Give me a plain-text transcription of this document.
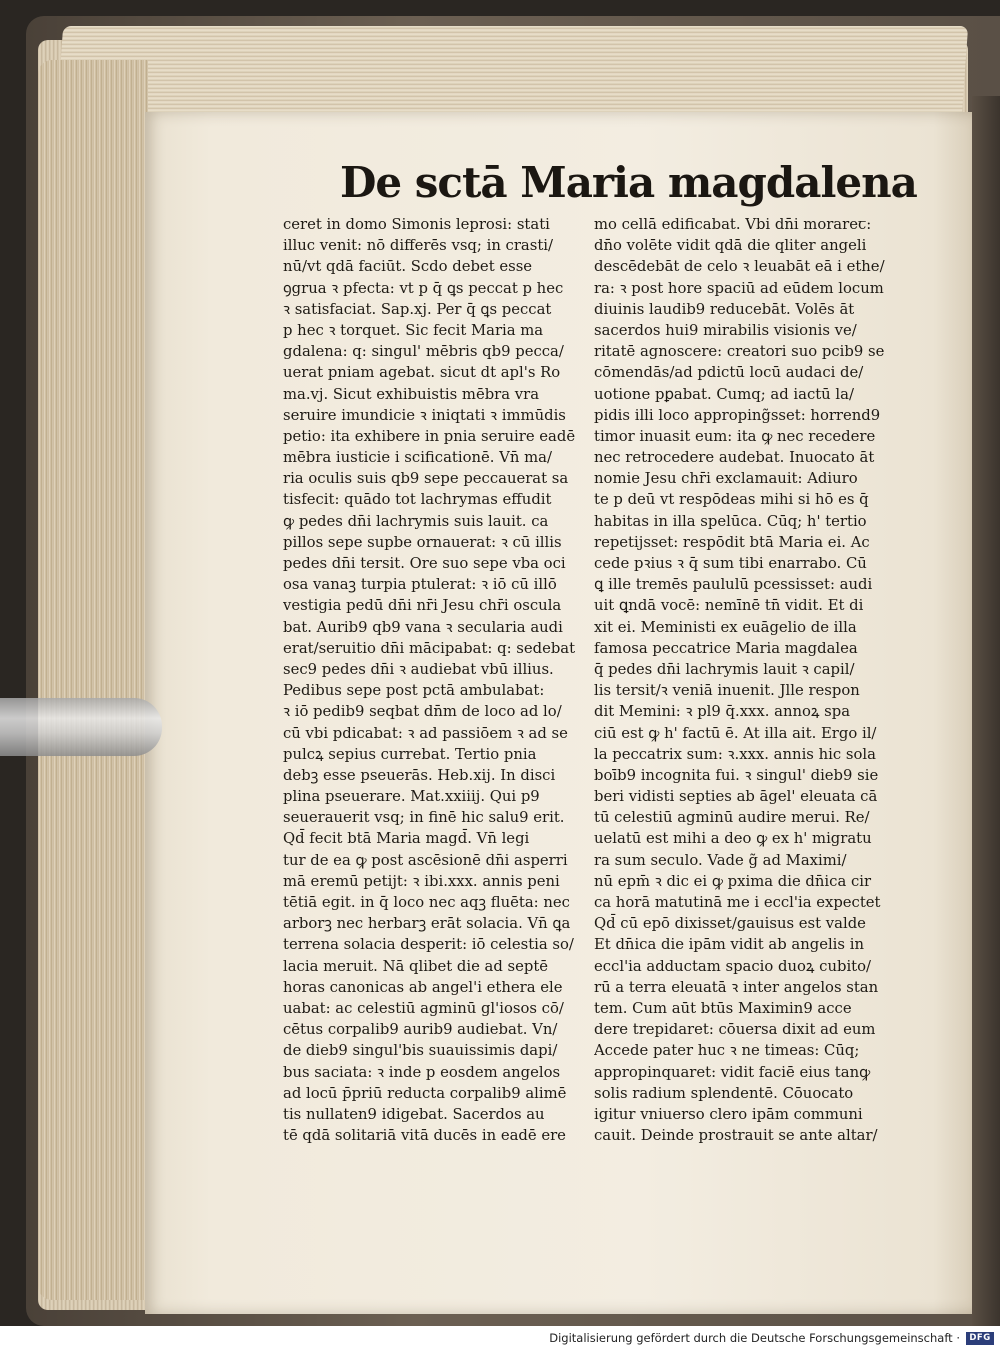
De sctā Maria magdalena
ceret in domo Simonis leprosi: stati
illuc venit: nō differēs vsq; in crasti/
nū/vt qdā faciūt. Scdo debet esse
ꝯgrua ꝛ pfecta: vt p q̄ ꝗs peccat p hec
ꝛ satisfaciat. Sap.xj. Per q̄ ꝗs peccat
p hec ꝛ torquet. Sic fecit Maria ma
gdalena: q: singul' mēbris qb9 pecca/
uerat pniam agebat. sicut dt apl's Ro
ma.vj. Sicut exhibuistis mēbra vra
seruire imundicie ꝛ iniqtati ꝛ immūdis
petio: ita exhibere in pnia seruire eadē
mēbra iusticie i scificationē. Vn̄ ma/
ria oculis suis qb9 sepe peccauerat sa
tisfecit: quādo tot lachrymas effudit
ꝙ pedes dn̄i lachrymis suis lauit. ca
pillos sepe supbe ornauerat: ꝛ cū illis
pedes dn̄i tersit. Ore suo sepe vba oci
osa vanaꝫ turpia ptulerat: ꝛ iō cū illō
vestigia pedū dn̄i nr̄i Jesu chr̄i oscula
bat. Aurib9 qb9 vana ꝛ secularia audi
erat/seruitio dn̄i mācipabat: q: sedebat
sec9 pedes dn̄i ꝛ audiebat vbū illius.
Pedibus sepe post pctā ambulabat:
ꝛ iō pedib9 seqbat dn̄m de loco ad lo/
cū vbi pdicabat: ꝛ ad passiōem ꝛ ad se
pulcꝝ sepius currebat. Tertio pnia
debꝫ esse pseuerās. Heb.xij. In disci
plina pseuerare. Mat.xxiiij. Qui p9
seuerauerit vsq; in finē hic salu9 erit.
Qd̄ fecit btā Maria magd̄. Vn̄ legi
tur de ea ꝙ post ascēsionē dn̄i asperri
mā eremū petijt: ꝛ ibi.xxx. annis peni
tētiā egit. in q̄ loco nec aqꝫ fluēta: nec
arborꝫ nec herbarꝫ erāt solacia. Vn̄ ꝗa
terrena solacia desperit: iō celestia so/
lacia meruit. Nā qlibet die ad septē
horas canonicas ab angel'i ethera ele
uabat: ac celestiū agminū gl'iosos cō/
cētus corpalib9 aurib9 audiebat. Vn/
de dieb9 singul'bis suauissimis dapi/
bus saciata: ꝛ inde p eosdem angelos
ad locū p̄priū reducta corpalib9 alimē
tis nullaten9 idigebat. Sacerdos au
tē qdā solitariā vitā ducēs in eadē ere
mo cellā edificabat. Vbi dn̄i morareꞇ:
dn̄o volēte vidit qdā die qliter angeli
descēdebāt de celo ꝛ leuabāt eā i ethe/
ra: ꝛ post hore spaciū ad eūdem locum
diuinis laudib9 reducebāt. Volēs āt
sacerdos hui9 mirabilis visionis ve/
ritatē agnoscere: creatori suo pcib9 se
cōmendās/ad pdictū locū audaci de/
uotione pꝑabat. Cumq; ad iactū la/
pidis illi loco approping̃sset: horrend9
timor inuasit eum: ita ꝙ nec recedere
nec retrocedere audebat. Inuocato āt
nomie Jesu chr̄i exclamauit: Adiuro
te p deū vt respōdeas mihi si hō es q̄
habitas in illa spelūca. Cūq; h' tertio
repetijsset: respōdit btā Maria ei. Ac
cede pꝛius ꝛ q̄ sum tibi enarrabo. Cū
ꝗ ille tremēs paululū pcessisset: audi
uit ꝗndā vocē: nemīnē tn̄ vidit. Et di
xit ei. Meministi ex euāgelio de illa
famosa peccatrice Maria magdalea
q̄ pedes dn̄i lachrymis lauit ꝛ capil/
lis tersit/ꝛ veniā inuenit. Jlle respon
dit Memini: ꝛ pl9 q̄.xxx. annoꝝ spa
ciū est ꝙ h' factū ē. At illa ait. Ergo il/
la peccatrix sum: ꝛ.xxx. annis hic sola
boīb9 incognita fui. ꝛ singul' dieb9 sie
beri vidisti septies ab āgel' eleuata cā
tū celestiū agminū audire merui. Re/
uelatū est mihi a deo ꝙ ex h' migratu
ra sum seculo. Vade g̃ ad Maximi/
nū epm̄ ꝛ dic ei ꝙ pxima die dn̄ica cir
ca horā matutinā me i eccl'ia expectet
Qd̄ cū epō dixisset/gauisus est valde
Et dn̄ica die ipām vidit ab angelis in
eccl'ia adductam spacio duoꝝ cubito/
rū a terra eleuatā ꝛ inter angelos stan
tem. Cum aūt btūs Maximin9 acce
dere trepidaret: cōuersa dixit ad eum
Accede pater huc ꝛ ne timeas: Cūq;
appropinquaret: vidit faciē eius tanꝙ
solis radium splendentē. Cōuocato
igitur vniuerso clero ipām communi
cauit. Deinde prostrauit se ante altar/
Digitalisierung gefördert durch die Deutsche Forschungsgemeinschaft ·	DFG
